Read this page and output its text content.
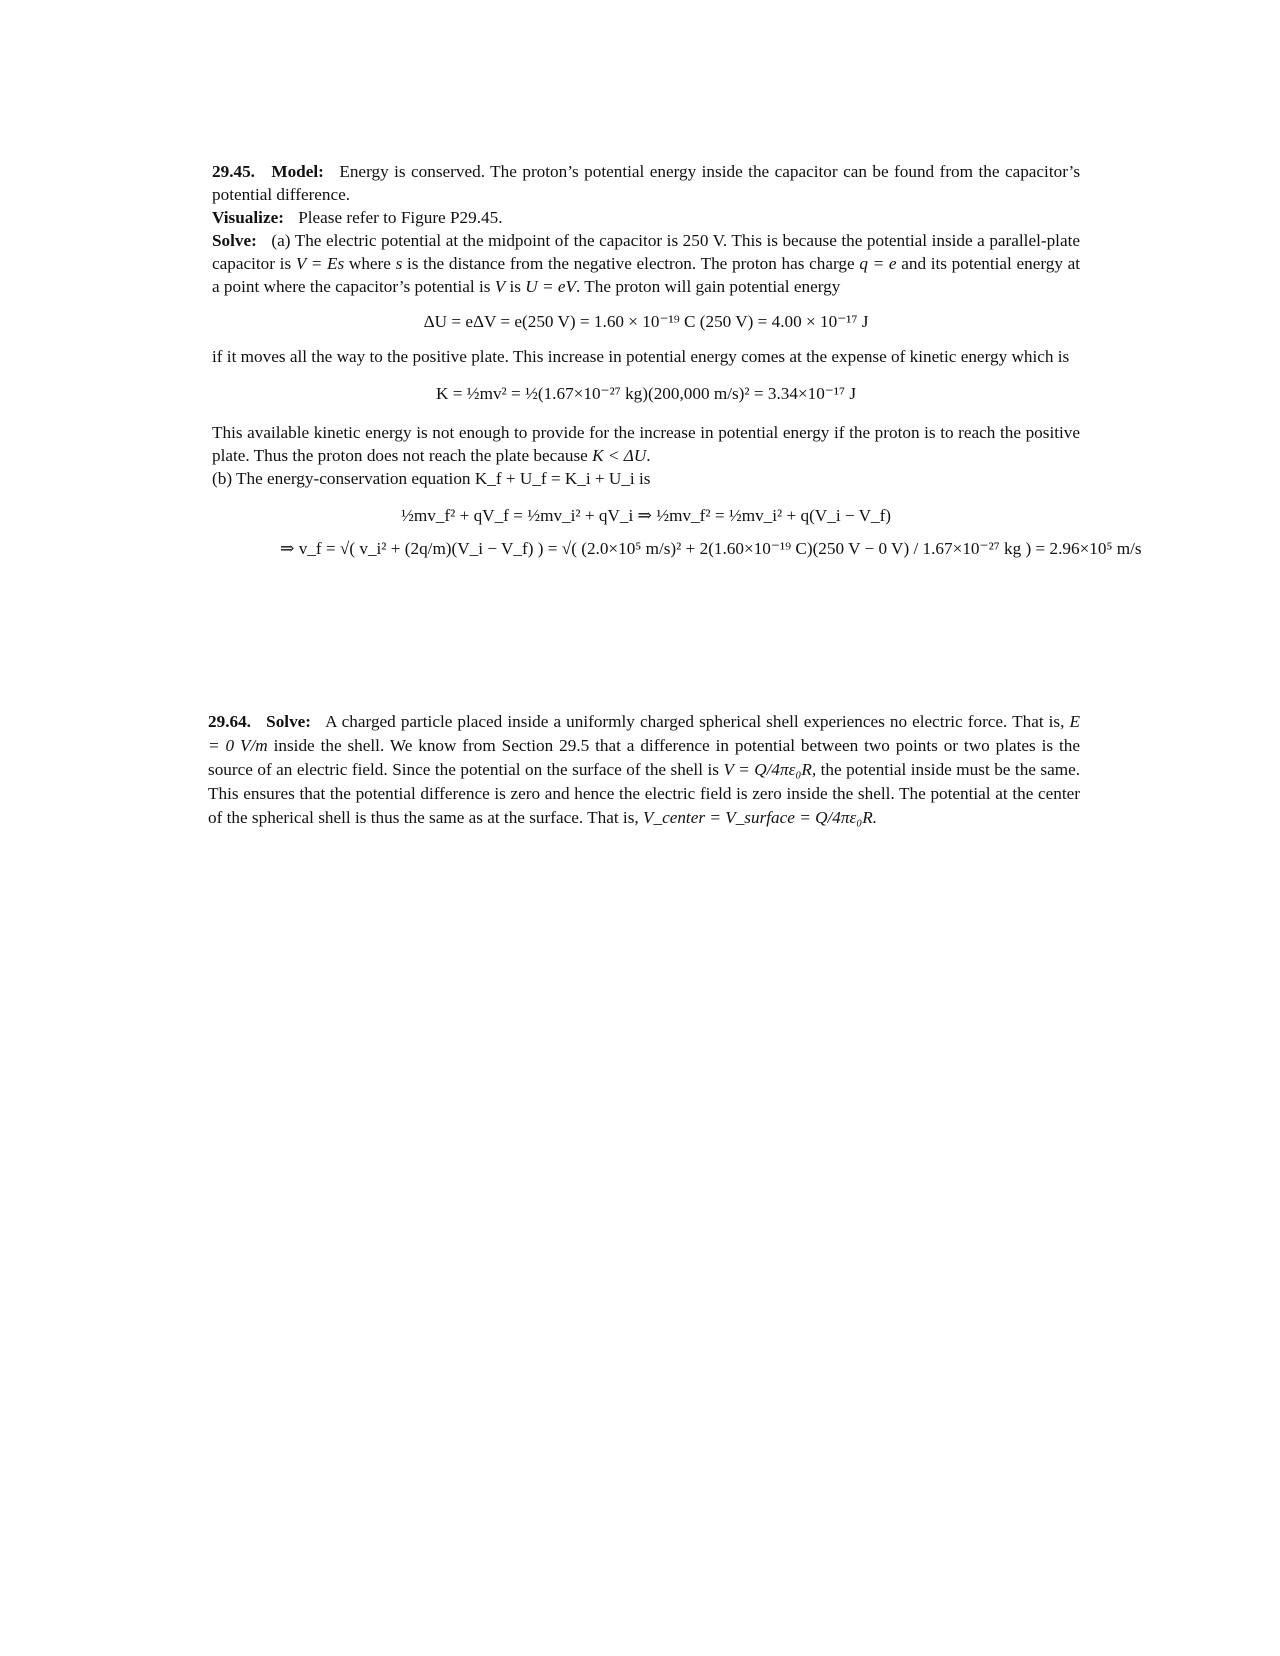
29.45. Model: Energy is conserved. The proton’s potential energy inside the capacitor can be found from the capacitor’s potential difference.

Visualize: Please refer to Figure P29.45.

Solve: (a) The electric potential at the midpoint of the capacitor is 250 V. This is because the potential inside a parallel-plate capacitor is V = Es where s is the distance from the negative electron. The proton has charge q = e and its potential energy at a point where the capacitor’s potential is V is U = eV. The proton will gain potential energy

ΔU = eΔV = e(250 V) = 1.60 × 10⁻¹⁹ C (250 V) = 4.00 × 10⁻¹⁷ J

if it moves all the way to the positive plate. This increase in potential energy comes at the expense of kinetic energy which is

K = ½mv² = ½(1.67×10⁻²⁷ kg)(200,000 m/s)² = 3.34×10⁻¹⁷ J

This available kinetic energy is not enough to provide for the increase in potential energy if the proton is to reach the positive plate. Thus the proton does not reach the plate because K < ΔU.

(b) The energy-conservation equation K_f + U_f = K_i + U_i is

½mv_f² + qV_f = ½mv_i² + qV_i ⇒ ½mv_f² = ½mv_i² + q(V_i − V_f)
⇒ v_f = √( v_i² + (2q/m)(V_i − V_f) ) = √( (2.0×10⁵ m/s)² + 2(1.60×10⁻¹⁹ C)(250 V − 0 V) / 1.67×10⁻²⁷ kg ) = 2.96×10⁵ m/s

29.64. Solve: A charged particle placed inside a uniformly charged spherical shell experiences no electric force. That is, E = 0 V/m inside the shell. We know from Section 29.5 that a difference in potential between two points or two plates is the source of an electric field. Since the potential on the surface of the shell is V = Q/4πε₀R, the potential inside must be the same. This ensures that the potential difference is zero and hence the electric field is zero inside the shell. The potential at the center of the spherical shell is thus the same as at the surface. That is, V_center = V_surface = Q/4πε₀R.
